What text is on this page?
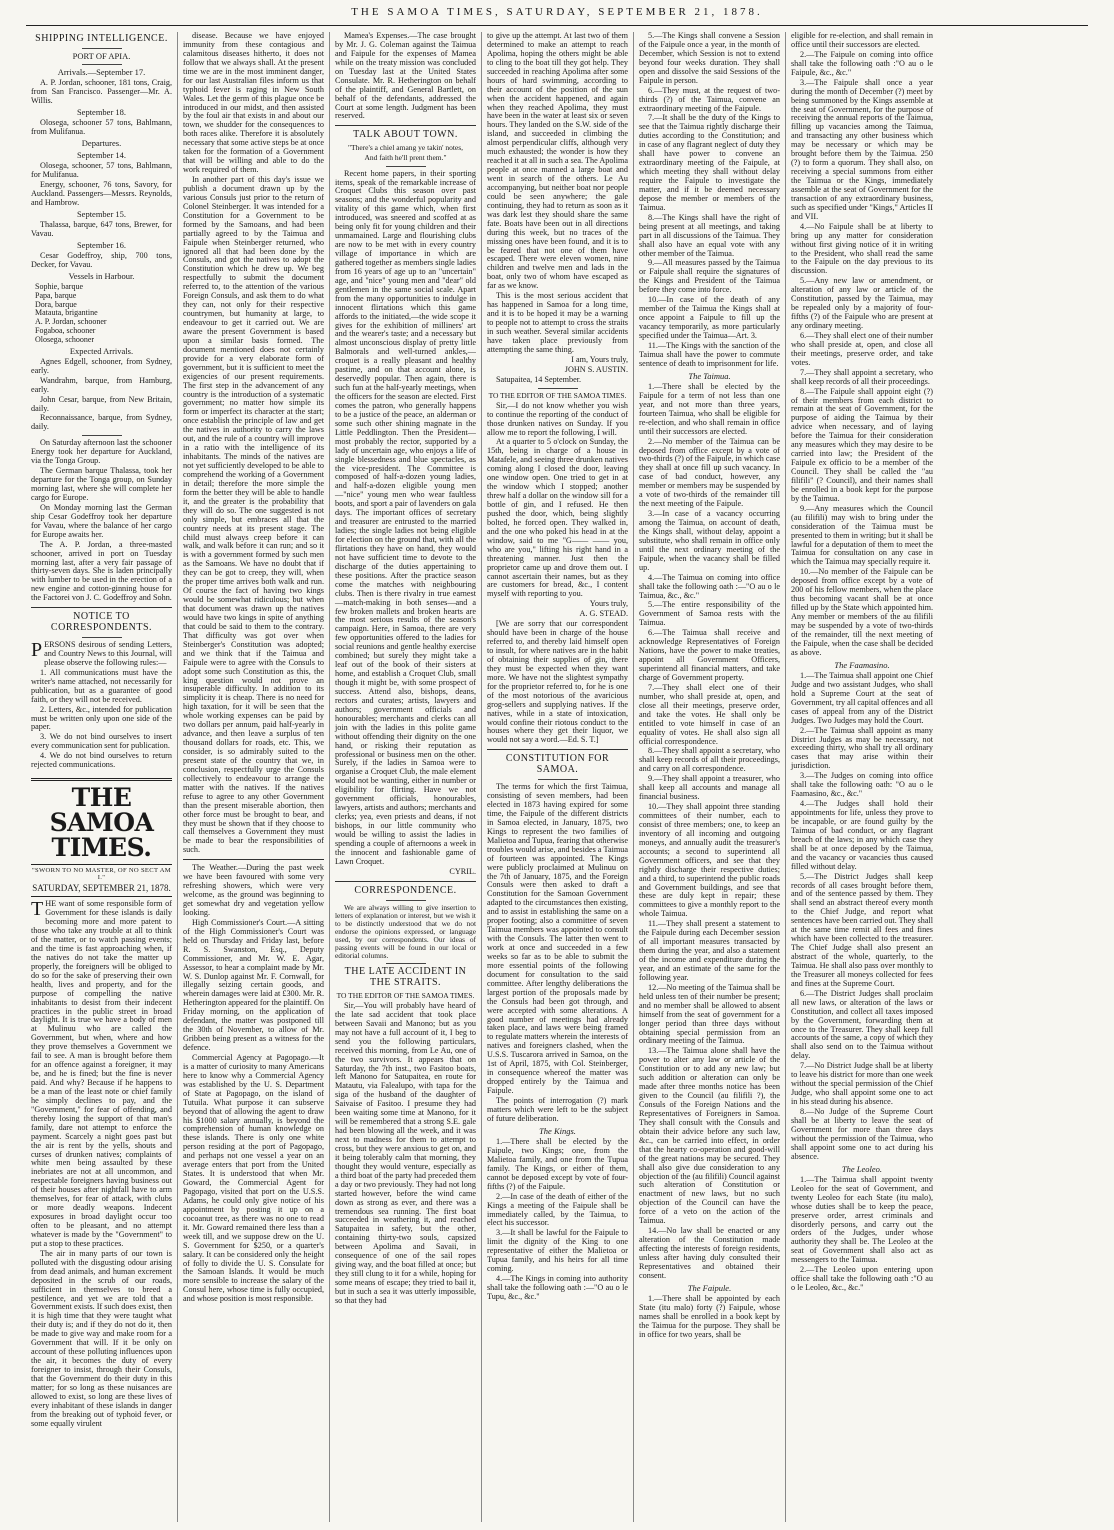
THE SAMOA TIMES, SATURDAY, SEPTEMBER 21, 1878.
SHIPPING INTELLIGENCE.
PORT OF APIA.
Arrivals.—September 17.

A. P. Jordan, schooner, 181 tons, Craig, from San Francisco. Passenger—Mr. A. Willis.

September 18.

Olosega, schooner 57 tons, Bahlmann, from Mulifanua.

Departures.
September 14.

Olosega, schooner, 57 tons, Bahlmann, for Mulifanua.

Energy, schooner, 76 tons, Savory, for Auckland. Passengers—Messrs. Reynolds, and Hambrow.

September 15.

Thalassa, barque, 647 tons, Brewer, for Vavau.

September 16.

Cesar Godeffroy, ship, 700 tons, Decker, for Vavau.

Vessels in Harbour.
Sophie, barque
Papa, barque
Dora, barque
Matauta, brigantine
A. P. Jordan, schooner
Fogaboa, schooner
Olosega, schooner
Expected Arrivals.

Agnes Edgell, schooner, from Sydney, early.

Wandrahm, barque, from Hamburg, early.

John Cesar, barque, from New Britain, daily.

Reconnaissance, barque, from Sydney, daily.

On Saturday afternoon last the schooner Energy took her departure for Auckland, via the Tonga Group.

The German barque Thalassa, took her departure for the Tonga group, on Sunday morning last, where she will complete her cargo for Europe.

On Monday morning last the German ship Cesar Godeffroy took her departure for Vavau, where the balance of her cargo for Europe awaits her.

The A. P. Jordan, a three-masted schooner, arrived in port on Tuesday morning last, after a very fair passage of thirty-seven days. She is laden principally with lumber to be used in the erection of a new engine and cotton-ginning house for the Factorei von J. C. Godeffroy and Sohn.

NOTICE TO CORRESPONDENTS.

PERSONS desirous of sending Letters, and Country News to this Journal, will please observe the following rules:—

1. All communications must have the writer's name attached, not necessarily for publication, but as a guarantee of good faith, or they will not be received.

2. Letters, &c., intended for publication must be written only upon one side of the paper.

3. We do not bind ourselves to insert every communication sent for publication.

4. We do not bind ourselves to return rejected communications.

THE SAMOA TIMES.
"SWORN TO NO MASTER, OF NO SECT AM I."
SATURDAY, SEPTEMBER 21, 1878.

THE want of some responsible form of Government for these islands is daily becoming more and more patent to those who take any trouble at all to think of the matter, or to watch passing events; and the time is fast approaching when, if the natives do not take the matter up properly, the foreigners will be obliged to do so for the sake of preserving their own health, lives and property, and for the purpose of compelling the native inhabitants to desist from their indecent practices in the public street in broad daylight. It is true we have a body of men at Mulinuu who are called the Government, but when, where and how they prove themselves a Government we fail to see. A man is brought before them for an offence against a foreigner, it may be, and he is fined; but the fine is never paid. And why? Because if he happens to be a man of the least note or chief family he simply declines to pay, and the "Government," for fear of offending, and thereby losing the support of that man's family, dare not attempt to enforce the payment. Scarcely a night goes past but the air is rent by the yells, shouts and curses of drunken natives; complaints of white men being assaulted by these inebriates are not at all uncommon, and respectable foreigners having business out of their houses after nightfall have to arm themselves, for fear of attack, with clubs or more deadly weapons. Indecent exposures in broad daylight occur too often to be pleasant, and no attempt whatever is made by the "Government" to put a stop to these practices.

The air in many parts of our town is polluted with the disgusting odour arising from dead animals, and human excrement deposited in the scrub of our roads, sufficient in themselves to breed a pestilence, and yet we are told that a Government exists. If such does exist, then it is high time that they were taught what their duty is; and if they do not do it, then be made to give way and make room for a Government that will. If it be only on account of these polluting influences upon the air, it becomes the duty of every foreigner to insist, through their Consuls, that the Government do their duty in this matter; for so long as these nuisances are allowed to exist, so long are these lives of every inhabitant of these islands in danger from the breaking out of typhoid fever, or some equally virulent

disease. Because we have enjoyed immunity from these contagious and calamitous diseases hitherto, it does not follow that we always shall. At the present time we are in the most imminent danger, for our last Australian files inform us that typhoid fever is raging in New South Wales. Let the germ of this plague once be introduced in our midst, and then assisted by the foul air that exists in and about our town, we shudder for the consequences to both races alike. Therefore it is absolutely necessary that some active steps be at once taken for the formation of a Government that will be willing and able to do the work required of them.

In another part of this day's issue we publish a document drawn up by the various Consuls just prior to the return of Colonel Steinberger. It was intended for a Constitution for a Government to be formed by the Samoans, and had been partially agreed to by the Taimua and Faipule when Steinberger returned, who ignored all that had been done by the Consuls, and got the natives to adopt the Constitution which he drew up. We beg respectfully to submit the document referred to, to the attention of the various Foreign Consuls, and ask them to do what they can, not only for their respective countrymen, but humanity at large, to endeavour to get it carried out. We are aware the present Government is based upon a similar basis formed. The document mentioned does not certainly provide for a very elaborate form of government, but it is sufficient to meet the exigencies of our present requirements. The first step in the advancement of any country is the introduction of a systematic government; no matter how simple its form or imperfect its character at the start; once establish the principle of law and get the natives in authority to carry the laws out, and the rule of a country will improve in a ratio with the intelligence of its inhabitants. The minds of the natives are not yet sufficiently developed to be able to comprehend the working of a Government in detail; therefore the more simple the form the better they will be able to handle it, and the greater is the probability that they will do so. The one suggested is not only simple, but embraces all that the country needs at its present stage. The child must always creep before it can walk, and walk before it can run; and so it is with a government formed by such men as the Samoans. We have no doubt that if they can be got to creep, they will, when the proper time arrives both walk and run. Of course the fact of having two kings would be somewhat ridiculous; but when that document was drawn up the natives would have two kings in spite of anything that could be said to them to the contrary. That difficulty was got over when Steinberger's Constitution was adopted; and we think that if the Taimua and Faipule were to agree with the Consuls to adopt some such Constitution as this, the king question would not prove an insuperable difficulty. In addition to its simplicity it is cheap. There is no need for high taxation, for it will be seen that the whole working expenses can be paid by two dollars per annum, paid half-yearly in advance, and then leave a surplus of ten thousand dollars for roads, etc. This, we consider, is so admirably suited to the present state of the country that we, in conclusion, respectfully urge the Consuls collectively to endeavour to arrange the matter with the natives. If the natives refuse to agree to any other Government than the present miserable abortion, then other force must be brought to bear, and they must be shown that if they choose to call themselves a Government they must be made to bear the responsibilities of such.

The Weather.—During the past week we have been favoured with some very refreshing showers, which were very welcome, as the ground was beginning to get somewhat dry and vegetation yellow looking.

High Commissioner's Court.—A sitting of the High Commissioner's Court was held on Thursday and Friday last, before R. S. Swanston, Esq., Deputy Commissioner, and Mr. W. E. Agar, Assessor, to hear a complaint made by Mr. W. S. Dunlop against Mr. F. Cornwall, for illegally seizing certain goods, and wherein damages were laid at £300. Mr. R. Hetherington appeared for the plaintiff. On Friday morning, on the application of defendant, the matter was postponed till the 30th of November, to allow of Mr. Gribben being present as a witness for the defence.

Commercial Agency at Pagopago.—It is a matter of curiosity to many Americans here to know why a Commercial Agency was established by the U. S. Department of State at Pagopago, on the island of Tutuila. What purpose it can subserve beyond that of allowing the agent to draw his $1000 salary annually, is beyond the comprehension of human knowledge on these islands. There is only one white person residing at the port of Pagopago, and perhaps not one vessel a year on an average enters that port from the United States. It is understood that when Mr. Goward, the Commercial Agent for Pagopago, visited that port on the U.S.S. Adams, he could only give notice of his appointment by posting it up on a cocoanut tree, as there was no one to read it. Mr. Goward remained there less than a week till, and we suppose drew on the U. S. Government for $250, or a quarter's salary. It can be considered only the height of folly to divide the U. S. Consulate for the Samoan Islands. It would be much more sensible to increase the salary of the Consul here, whose time is fully occupied, and whose position is most responsible.

Mamea's Expenses.—The case brought by Mr. J. G. Coleman against the Taimua and Faipule for the expenses of Mamea while on the treaty mission was concluded on Tuesday last at the United States Consulate. Mr. R. Hetherington on behalf of the plaintiff, and General Bartlett, on behalf of the defendants, addressed the Court at some length. Judgment has been reserved.

TALK ABOUT TOWN.
"There's a chiel amang ye takin' notes,
And faith he'll prent them."

Recent home papers, in their sporting items, speak of the remarkable increase of Croquet Clubs this season over past seasons; and the wonderful popularity and vitality of this game which, when first introduced, was sneered and scoffed at as being only fit for young children and their unmamained. Large and flourishing clubs are now to be met with in every country village of importance in which are gathered together as members single ladies from 16 years of age up to an "uncertain" age, and "nice" young men and "dear" old gentlemen in the same social scale. Apart from the many opportunities to indulge in innocent flirtations which this game affords to the initiated,—the wide scope it gives for the exhibition of milliners' art and the wearer's taste; and a necessary but almost unconscious display of pretty little Balmorals and well-turned ankles,—croquet is a really pleasant and healthy pastime, and on that account alone, is deservedly popular. Then again, there is such fun at the half-yearly meetings, when the officers for the season are elected. First comes the patron, who generally happens to be a justice of the peace, an alderman or some such other shining magnate in the Little Peddlington. Then the President—most probably the rector, supported by a lady of uncertain age, who enjoys a life of single blessedness and blue spectacles, as the vice-president. The Committee is composed of half-a-dozen young ladies, and half-a-dozen eligible young men—"nice" young men who wear faultless boots, and sport a pair of lavenders on gala days. The important offices of secretary and treasurer are entrusted to the married ladies; the single ladies not being eligible for election on the ground that, with all the flirtations they have on hand, they would not have sufficient time to devote to the discharge of the duties appertaining to these positions. After the practice season come the matches with neighbouring clubs. Then is there rivalry in true earnest—match-making in both senses—and a few broken mallets and broken hearts are the most serious results of the season's campaign. Here, in Samoa, there are very few opportunities offered to the ladies for social reunions and gentle healthy exercise combined; but surely they might take a leaf out of the book of their sisters at home, and establish a Croquet Club, small though it might be, with some prospect of success. Attend also, bishops, deans, rectors and curates; artists, lawyers and authors; government officials and honourables; merchants and clerks can all join with the ladies in this polite game without offending their dignity on the one hand, or risking their reputation as professional or business men on the other. Surely, if the ladies in Samoa were to organise a Croquet Club, the male element would not be wanting, either in number or eligibility for flirting. Have we not government officials, honourables, lawyers, artists and authors; merchants and clerks; yea, even priests and deans, if not bishops, in our little community who would be willing to assist the ladies in spending a couple of afternoons a week in the innocent and fashionable game of Lawn Croquet.

CYRIL.

CORRESPONDENCE.

We are always willing to give insertion to letters of explanation or interest, but we wish it to be distinctly understood that we do not endorse the opinions expressed, or language used, by our correspondents. Our ideas of passing events will be found in our local or editorial columns.

THE LATE ACCIDENT IN THE STRAITS.
TO THE EDITOR OF THE SAMOA TIMES.

Sir,—You will probably have heard of the late sad accident that took place between Savaii and Manono; but as you may not have a full account of it, I beg to send you the following particulars, received this morning, from Le Au, one of the two survivors. It appears that on Saturday, the 7th inst., two Fasitoo boats, left Manono for Satupaitea, en route for Matautu, via Falealupo, with tapa for the siga of the husband of the daughter of Saivaise of Fasitoo. I presume they had been waiting some time at Manono, for it will be remembered that a strong S.E. gale had been blowing all the week, and it was next to madness for them to attempt to cross, but they were anxious to get on, and it being tolerably calm that morning, they thought they would venture, especially as a third boat of the party had preceded them a day or two previously. They had not long started however, before the wind came down as strong as ever, and there was a tremendous sea running. The first boat succeeded in weathering it, and reached Satupaitea in safety, but the other, containing thirty-two souls, capsized between Apolima and Savaii, in consequence of one of the sail ropes giving way, and the boat filled at once; but they still clung to it for a while, hoping for some means of escape; they tried to bail it, but in such a sea it was utterly impossible, so that they had

to give up the attempt. At last two of them determined to make an attempt to reach Apolima, hoping the others might be able to cling to the boat till they got help. They succeeded in reaching Apolima after some hours of hard swimming, according to their account of the position of the sun when the accident happened, and again when they reached Apolima, they must have been in the water at least six or seven hours. They landed on the S.W. side of the island, and succeeded in climbing the almost perpendicular cliffs, although very much exhausted; the wonder is how they reached it at all in such a sea. The Apolima people at once manned a large boat and went in search of the others. Le Au accompanying, but neither boat nor people could be seen anywhere; the gale continuing, they had to return as soon as it was dark lest they should share the same fate. Boats have been out in all directions during this week, but no traces of the missing ones have been found, and it is to be feared that not one of them have escaped. There were eleven women, nine children and twelve men and lads in the boat, only two of whom have escaped as far as we know.

This is the most serious accident that has happened in Samoa for a long time, and it is to be hoped it may be a warning to people not to attempt to cross the straits in such weather. Several similar accidents have taken place previously from attempting the same thing.

I am, Yours truly,

JOHN S. AUSTIN.

Satupaitea, 14 September.

TO THE EDITOR OF THE SAMOA TIMES.

Sir,—I do not know whether you wish to continue the reporting of the conduct of those drunken natives on Sunday. If you allow me to report the following, I will.

At a quarter to 5 o'clock on Sunday, the 15th, being in charge of a house in Matafele, and seeing three drunken natives coming along I closed the door, leaving one window open. One tried to get in at the window which I stopped; another threw half a dollar on the window sill for a bottle of gin, and I refused. He then pushed the door, which, being slightly bolted, he forced open. They walked in, and the one who poked his head in at the window, said to me "G—— —— you, who are you," lifting his right hand in a threatening manner. Just then the proprietor came up and drove them out. I cannot ascertain their names, but as they are customers for bread, &c., I content myself with reporting to you.

Yours truly,

A. G. STEAD.

[We are sorry that our correspondent should have been in charge of the house referred to, and thereby laid himself open to insult, for where natives are in the habit of obtaining their supplies of gin, there they must be expected when they want more. We have not the slightest sympathy for the proprietor referred to, for he is one of the most notorious of the avaricious grog-sellers and supplying natives. If the natives, while in a state of intoxication, would confine their riotous conduct to the houses where they get their liquor, we would not say a word.—Ed. S. T.]

CONSTITUTION FOR SAMOA.

The terms for which the first Taimua, consisting of seven members, had been elected in 1873 having expired for some time, the Faipule of the different districts in Samoa elected, in January, 1875, two Kings to represent the two families of Malietoa and Tupua, fearing that otherwise troubles would arise, and besides a Taimua of fourteen was appointed. The Kings were publicly proclaimed at Mulinuu on the 7th of January, 1875, and the Foreign Consuls were then asked to draft a Constitution for the Samoan Government adapted to the circumstances then existing, and to assist in establishing the same on a proper footing; also a committee of seven Taimua members was appointed to consult with the Consuls. The latter then went to work at once and succeeded in a few weeks so far as to be able to submit the more essential points of the following document for consultation to the said committee. After lengthy deliberations the largest portion of the proposals made by the Consuls had been got through, and were accepted with some alterations. A good number of meetings had already taken place, and laws were being framed to regulate matters wherein the interests of natives and foreigners clashed, when the U.S.S. Tuscarora arrived in Samoa, on the 1st of April, 1875, with Col. Steinberger, in consequence whereof the matter was dropped entirely by the Taimua and Faipule.

The points of interrogation (?) mark matters which were left to be the subject of future deliberation.

The Kings.

1.—There shall be elected by the Faipule, two Kings; one, from the Malietoa family, and one from the Tupua family. The Kings, or either of them, cannot be deposed except by vote of four-fifths (?) of the Faipule.

2.—In case of the death of either of the Kings a meeting of the Faipule shall be immediately called, by the Taimua, to elect his successor.

3.—It shall be lawful for the Faipule to limit the dignity of the King to one representative of either the Malietoa or Tupua family, and his heirs for all time coming.

4.—The Kings in coming into authority shall take the following oath :—"O au o le Tupu, &c., &c."

5.—The Kings shall convene a Session of the Faipule once a year, in the month of December, which Session is not to extend beyond four weeks duration. They shall open and dissolve the said Sessions of the Faipule in person.

6.—They must, at the request of two-thirds (?) of the Taimua, convene an extraordinary meeting of the Faipule.

7.—It shall be the duty of the Kings to see that the Taimua rightly discharge their duties according to the Constitution; and in case of any flagrant neglect of duty they shall have power to convene an extraordinary meeting of the Faipule, at which meeting they shall without delay require the Faipule to investigate the matter, and if it be deemed necessary depose the member or members of the Taimua.

8.—The Kings shall have the right of being present at all meetings, and taking part in all discussions of the Taimua. They shall also have an equal vote with any other member of the Taimua.

9.—All measures passed by the Taimua or Faipule shall require the signatures of the Kings and President of the Taimua before they come into force.

10.—In case of the death of any member of the Taimua the Kings shall at once appoint a Faipule to fill up the vacancy temporarily, as more particularly specified under the Taimua—Art. 3.

11.—The Kings with the sanction of the Taimua shall have the power to commute sentence of death to imprisonment for life.

The Taimua.

1.—There shall be elected by the Faipule for a term of not less than one year, and not more than three years, fourteen Taimua, who shall be eligible for re-election, and who shall remain in office until their successors are elected.

2.—No member of the Taimua can be deposed from office except by a vote of two-thirds (?) of the Faipule, in which case they shall at once fill up such vacancy. In case of bad conduct, however, any member or members may be suspended by a vote of two-thirds of the remainder till the next meeting of the Faipule.

3.—In case of a vacancy occurring among the Taimua, on account of death, the Kings shall, without delay, appoint a substitute, who shall remain in office only until the next ordinary meeting of the Faipule, when the vacancy shall be filled up.

4.—The Taimua on coming into office shall take the following oath :—"O au o le Taimua, &c., &c."

5.—The entire responsibility of the Government of Samoa rests with the Taimua.

6.—The Taimua shall receive and acknowledge Representatives of Foreign Nations, have the power to make treaties, appoint all Government Officers, superintend all financial matters, and take charge of Government property.

7.—They shall elect one of their number, who shall preside at, open, and close all their meetings, preserve order, and take the votes. He shall only be entitled to vote himself in case of an equality of votes. He shall also sign all official correspondence.

8.—They shall appoint a secretary, who shall keep records of all their proceedings, and carry on all correspondence.

9.—They shall appoint a treasurer, who shall keep all accounts and manage all financial business.

10.—They shall appoint three standing committees of their number, each to consist of three members; one, to keep an inventory of all incoming and outgoing moneys, and annually audit the treasurer's accounts; a second to superintend all Government officers, and see that they rightly discharge their respective duties; and a third, to superintend the public roads and Government buildings, and see that these are duly kept in repair; these committees to give a monthly report to the whole Taimua.

11.—They shall present a statement to the Faipule during each December session of all important measures transacted by them during the year, and also a statement of the income and expenditure during the year, and an estimate of the same for the following year.

12.—No meeting of the Taimua shall be held unless ten of their number be present; and no member shall be allowed to absent himself from the seat of government for a longer period than three days without obtaining special permission from an ordinary meeting of the Taimua.

13.—The Taimua alone shall have the power to alter any law or article of the Constitution or to add any new law; but such addition or alteration can only be made after three months notice has been given to the Council (au filifili ?), the Consuls of the Foreign Nations and the Representatives of Foreigners in Samoa. They shall consult with the Consuls and obtain their advice before any such law, &c., can be carried into effect, in order that the hearty co-operation and good-will of the great nations may be secured. They shall also give due consideration to any objection of the (au filifili) Council against such alteration of Constitution or enactment of new laws, but no such objection of the Council can have the force of a veto on the action of the Taimua.

14.—No law shall be enacted or any alteration of the Constitution made affecting the interests of foreign residents, unless after having duly consulted their Representatives and obtained their consent.

The Faipule.

1.—There shall be appointed by each State (itu malo) forty (?) Faipule, whose names shall be enrolled in a book kept by the Taimua for the purpose. They shall be in office for two years, shall be

eligible for re-election, and shall remain in office until their successors are elected.

2.—The Faipule on coming into office shall take the following oath :"O au o le Faipule, &c., &c."

3.—The Faipule shall once a year during the month of December (?) meet by being summoned by the Kings assemble at the seat of Government, for the purpose of receiving the annual reports of the Taimua, filling up vacancies among the Taimua, and transacting any other business which may be necessary or which may be brought before them by the Taimua. 250 (?) to form a quorum. They shall also, on receiving a special summons from either the Taimua or the Kings, immediately assemble at the seat of Government for the transaction of any extraordinary business, such as specified under "Kings," Articles II and VII.

4.—No Faipule shall be at liberty to bring up any matter for consideration without first giving notice of it in writing to the President, who shall read the same to the Faipule on the day previous to its discussion.

5.—Any new law or amendment, or alteration of any law or article of the Constitution, passed by the Taimua, may be repealed only by a majority of four-fifths (?) of the Faipule who are present at any ordinary meeting.

6.—They shall elect one of their number who shall preside at, open, and close all their meetings, preserve order, and take votes.

7.—They shall appoint a secretary, who shall keep records of all their proceedings.

8.—The Faipule shall appoint eight (?) of their members from each district to remain at the seat of Government, for the purpose of aiding the Taimua by their advice when necessary, and of laying before the Taimua for their consideration any measures which they may desire to be carried into law; the President of the Faipule ex officio to be a member of the Council. They shall be called the "au filifili" (? Council), and their names shall be enrolled in a book kept for the purpose by the Taimua.

9.—Any measures which the Council (au filifili) may wish to bring under the consideration of the Taimua must be presented to them in writing; but it shall be lawful for a deputation of them to meet the Taimua for consultation on any case in which the Taimua may specially require it.

10.—No member of the Faipule can be deposed from office except by a vote of 200 of his fellow members, when the place thus becoming vacant shall be at once filled up by the State which appointed him. Any member or members of the au filifili may be suspended by a vote of two-thirds of the remainder, till the next meeting of the Faipule, when the case shall be decided as above.

The Faamasino.

1.—The Taimua shall appoint one Chief Judge and two assistant Judges, who shall hold a Supreme Court at the seat of Government, try all capital offences and all cases of appeal from any of the District Judges. Two Judges may hold the Court.

2.—The Taimua shall appoint as many District Judges as may be necessary, not exceeding thirty, who shall try all ordinary cases that may arise within their jurisdiction.

3.—The Judges on coming into office shall take the following oath: "O au o le Faamasino, &c., &c."

4.—The Judges shall hold their appointments for life, unless they prove to be incapable, or are found guilty by the Taimua of bad conduct, or any flagrant breach of the laws; in any which case they shall be at once deposed by the Taimua, and the vacancy or vacancies thus caused filled without delay.

5.—The District Judges shall keep records of all cases brought before them, and of the sentence passed by them. They shall send an abstract thereof every month to the Chief Judge, and report what sentences have been carried out. They shall at the same time remit all fees and fines which have been collected to the treasurer. The Chief Judge shall also present an abstract of the whole, quarterly, to the Taimua. He shall also pass over monthly to the Treasurer all moneys collected for fees and fines at the Supreme Court.

6.—The District Judges shall proclaim all new laws, or alteration of the laws or Constitution, and collect all taxes imposed by the Government, forwarding them at once to the Treasurer. They shall keep full accounts of the same, a copy of which they shall also send on to the Taimua without delay.

7.—No District Judge shall be at liberty to leave his district for more than one week without the special permission of the Chief Judge, who shall appoint some one to act in his stead during his absence.

8.—No Judge of the Supreme Court shall be at liberty to leave the seat of Government for more than three days without the permission of the Taimua, who shall appoint some one to act during his absence.

The Leoleo.

1.—The Taimua shall appoint twenty Leoleo for the seat of Government, and twenty Leoleo for each State (itu malo), whose duties shall be to keep the peace, preserve order, arrest criminals and disorderly persons, and carry out the orders of the Judges, under whose authority they shall be. The Leoleo at the seat of Government shall also act as messengers to the Taimua.

2.—The Leoleo upon entering upon office shall take the following oath :"O au o le Leoleo, &c., &c."
